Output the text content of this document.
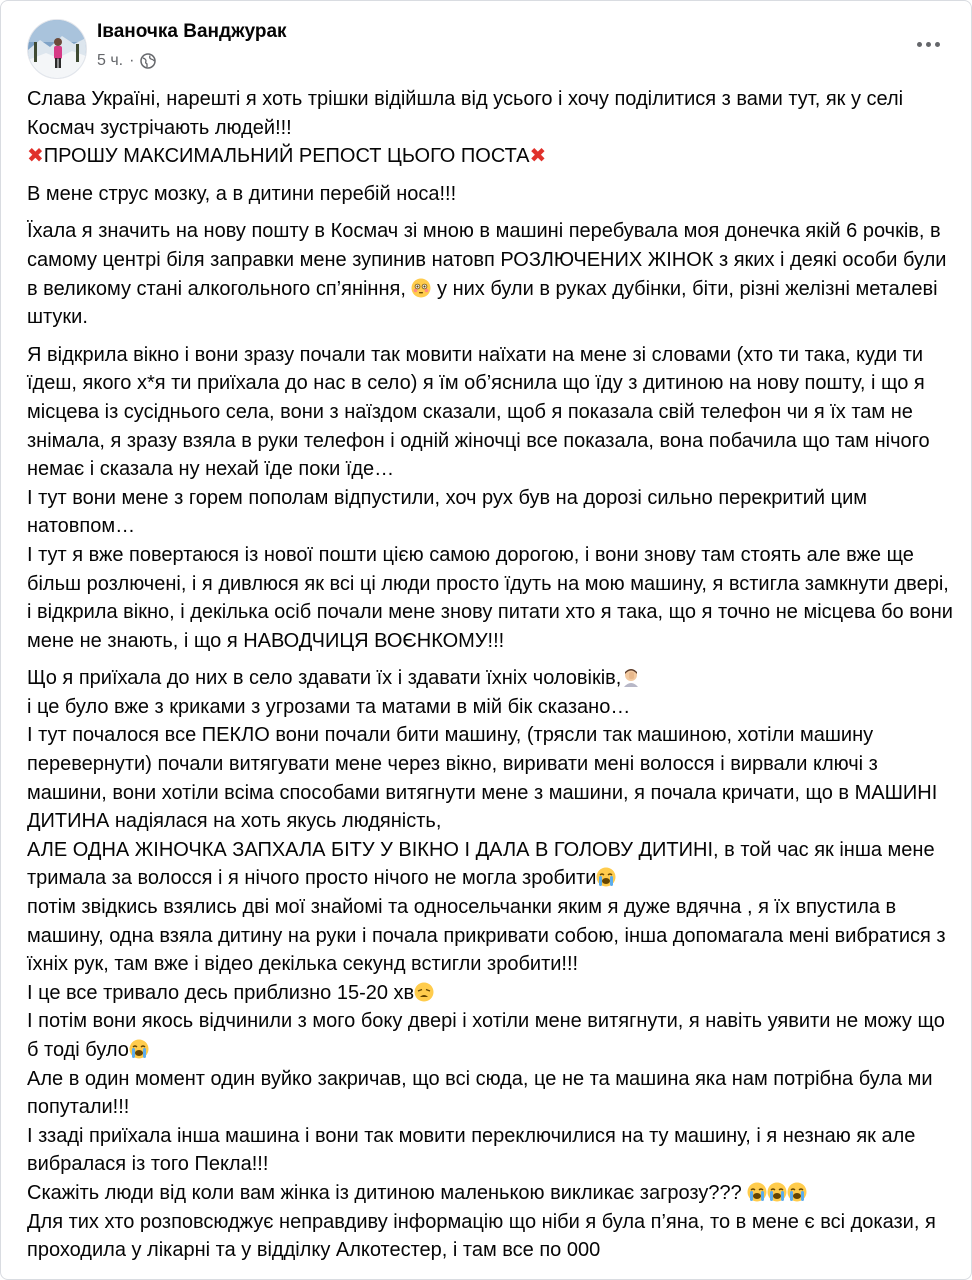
Іваночка Ванджурак
5 ч. ·

Слава Україні, нарешті я хоть трішки відійшла від усього і хочу поділитися з вами тут, як у селі Космач зустрічають людей!!!
✖ПРОШУ МАКСИМАЛЬНИЙ РЕПОСТ ЦЬОГО ПОСТА✖

В мене струс мозку, а в дитини перебій носа!!!

Їхала я значить на нову пошту в Космач зі мною в машині перебувала моя донечка якій 6 рочків, в самому центрі біля заправки мене зупинив натовп РОЗЛЮЧЕНИХ ЖІНОК з яких і деякі особи були в великому стані алкогольного сп’яніння,  у них були в руках дубінки, біти, різні желізні металеві штуки.

Я відкрила вікно і вони зразу почали так мовити наїхати на мене зі словами (хто ти така, куди ти їдеш, якого х*я ти приїхала до нас в село) я їм об’яснила що їду з дитиною на нову пошту, і що я місцева із сусіднього села, вони з наїздом сказали, щоб я показала свій телефон чи я їх там не знімала, я зразу взяла в руки телефон і одній жіночці все показала, вона побачила що там нічого немає і сказала ну нехай їде поки їде…
І тут вони мене з горем пополам відпустили, хоч рух був на дорозі сильно перекритий цим натовпом…
І тут я вже повертаюся із нової пошти цією самою дорогою, і вони знову там стоять але вже ще більш розлючені, і я дивлюся як всі ці люди просто їдуть на мою машину, я встигла замкнути двері, і відкрила вікно, і декілька осіб почали мене знову питати хто я така, що я точно не місцева бо вони мене не знають, і що я НАВОДЧИЦЯ ВОЄНКОМУ!!!

Що я приїхала до них в село здавати їх і здавати їхніх чоловіків,
і це було вже з криками з угрозами та матами в мій бік сказано…
І тут почалося все ПЕКЛО вони почали бити машину, (трясли так машиною, хотіли машину перевернути) почали витягувати мене через вікно, виривати мені волосся і вирвали ключі з машини, вони хотіли всіма способами витягнути мене з машини, я почала кричати, що в МАШИНІ ДИТИНА надіялася на хоть якусь людяність,
АЛЕ ОДНА ЖІНОЧКА ЗАПХАЛА БІТУ У ВІКНО І ДАЛА В ГОЛОВУ ДИТИНІ, в той час як інша мене тримала за волосся і я нічого просто нічого не могла зробити
потім звідкись взялись дві мої знайомі та односельчанки яким я дуже вдячна , я їх впустила в машину, одна взяла дитину на руки і почала прикривати собою, інша допомагала мені вибратися з їхніх рук, там вже і відео декілька секунд встигли зробити!!!
І це все тривало десь приблизно 15-20 хв
І потім вони якось відчинили з мого боку двері і хотіли мене витягнути, я навіть уявити не можу що б тоді було
Але в один момент один вуйко закричав, що всі сюда, це не та машина яка нам потрібна була ми попутали!!!
І ззаді приїхала інша машина і вони так мовити переключилися на ту машину, і я незнаю як але вибралася із того Пекла!!!
Скажіть люди від коли вам жінка із дитиною маленькою викликає загрозу???
Для тих хто розповсюджує неправдиву інформацію що ніби я була п’яна, то в мене є всі докази, я проходила у лікарні та у відділку Алкотестер, і там все по 000
